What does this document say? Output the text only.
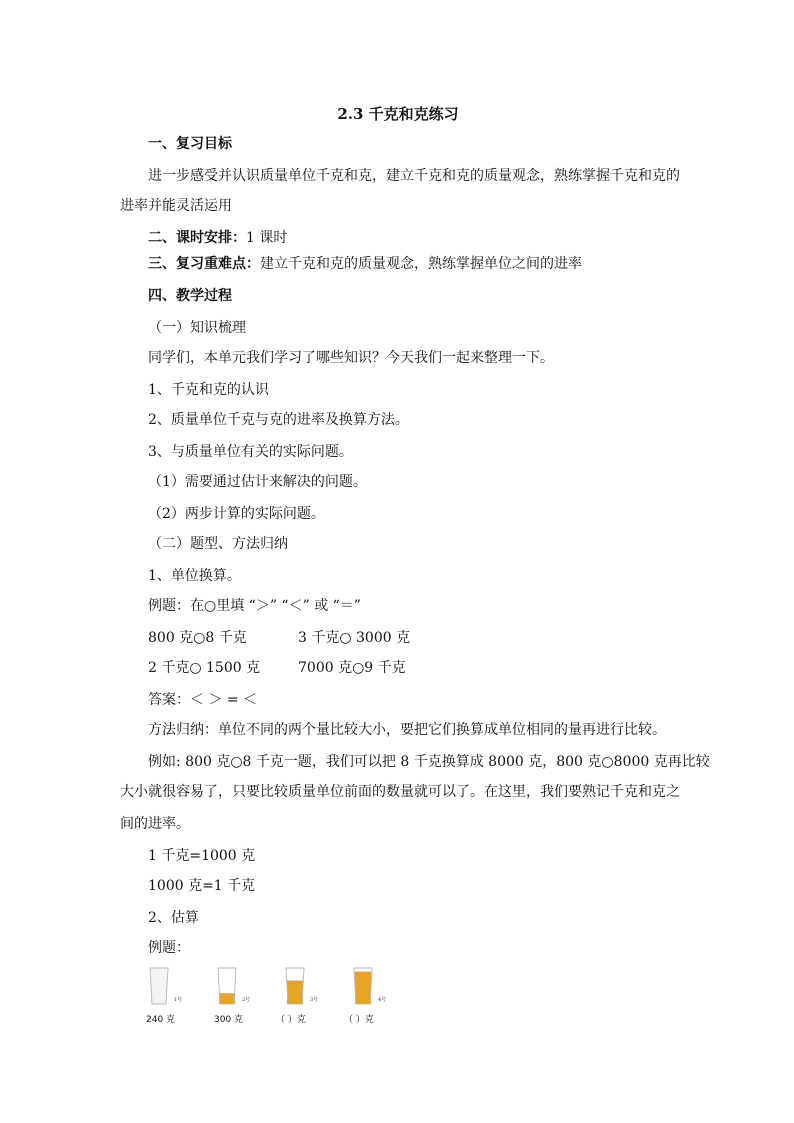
2.3 千克和克练习
一、复习目标
进一步感受并认识质量单位千克和克，建立千克和克的质量观念，熟练掌握千克和克的
进率并能灵活运用
二、课时安排：1 课时
三、复习重难点：建立千克和克的质量观念，熟练掌握单位之间的进率
四、教学过程
（一）知识梳理
同学们，本单元我们学习了哪些知识？今天我们一起来整理一下。
1、千克和克的认识
2、质量单位千克与克的进率及换算方法。
3、与质量单位有关的实际问题。
（1）需要通过估计来解决的问题。
（2）两步计算的实际问题。
（二）题型、方法归纳
1、单位换算。
例题：在○里填 “＞” “＜” 或 “＝”
800 克○8 千克	3 千克○ 3000 克
2 千克○ 1500 克	7000 克○9 千克
答案：＜ ＞ = ＜
方法归纳：单位不同的两个量比较大小，要把它们换算成单位相同的量再进行比较。
例如: 800 克○8 千克一题，我们可以把 8 千克换算成 8000 克，800 克○8000 克再比较
大小就很容易了，只要比较质量单位前面的数量就可以了。在这里，我们要熟记千克和克之
间的进率。
1 千克=1000 克
1000 克=1 千克
2、估算
例题：
1号
240 克
2号
300 克
3号
（ ）克
4号
（ ）克
